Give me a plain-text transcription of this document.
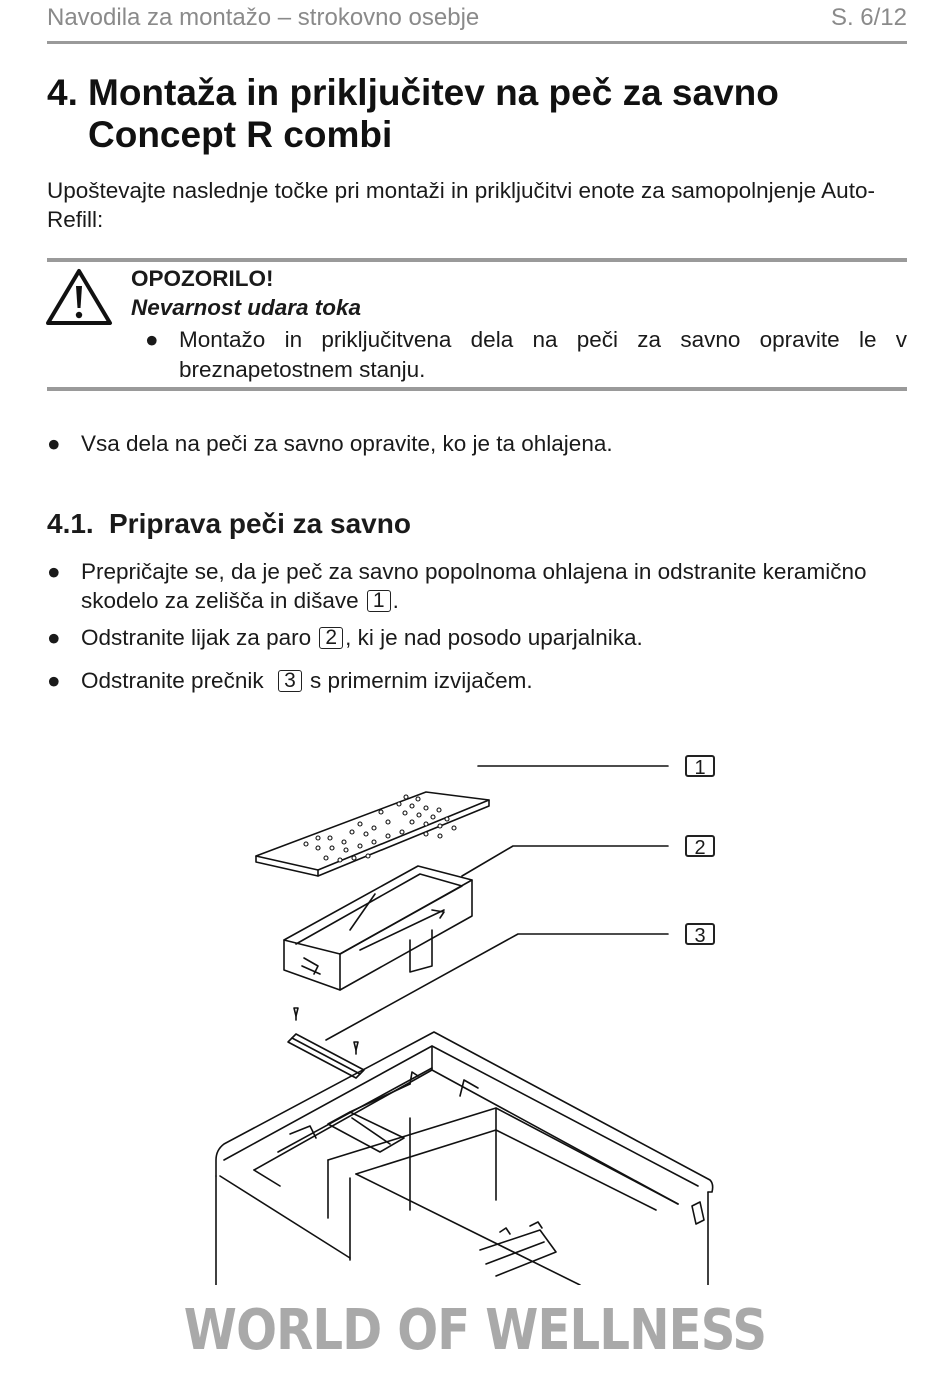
Navodila za montažo – strokovno osebje	S. 6/12
4. Montaža in priključitev na peč za savno
Concept R combi
Upoštevajte naslednje točke pri montaži in priključitvi enote za samopolnjenje Auto-Refill:
OPOZORILO!
Nevarnost udara toka
● Montažo in priključitvena dela na peči za savno opravite le v breznapetostnem stanju.
● Vsa dela na peči za savno opravite, ko je ta ohlajena.
4.1. Priprava peči za savno
● Prepričajte se, da je peč za savno popolnoma ohlajena in odstranite keramično skodelo za zelišča in dišave 1 .
● Odstranite lijak za paro 2 , ki je nad posodo uparjalnika.
● Odstranite prečnik 3 s primernim izvijačem.
1
2
3
WORLD OF WELLNESS
